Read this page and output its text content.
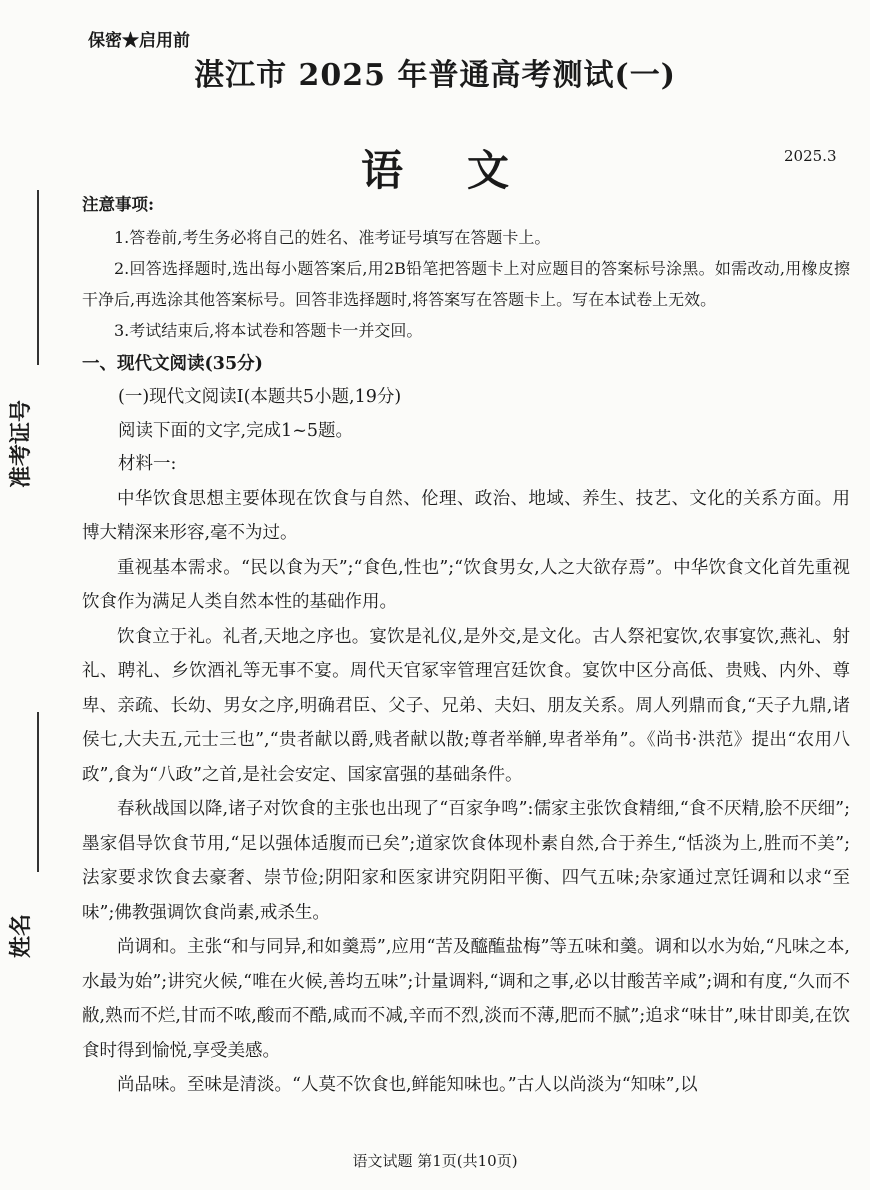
保密★启用前
湛江市 2025 年普通高考测试(一)
语文	2025.3
准考证号
姓名
注意事项:

1.答卷前,考生务必将自己的姓名、准考证号填写在答题卡上。

2.回答选择题时,选出每小题答案后,用2B铅笔把答题卡上对应题目的答案标号涂黑。如需改动,用橡皮擦干净后,再选涂其他答案标号。回答非选择题时,将答案写在答题卡上。写在本试卷上无效。

3.考试结束后,将本试卷和答题卡一并交回。

一、现代文阅读(35分)
(一)现代文阅读Ⅰ(本题共5小题,19分)
阅读下面的文字,完成1~5题。
材料一:

中华饮食思想主要体现在饮食与自然、伦理、政治、地域、养生、技艺、文化的关系方面。用博大精深来形容,毫不为过。

重视基本需求。“民以食为天”;“食色,性也”;“饮食男女,人之大欲存焉”。中华饮食文化首先重视饮食作为满足人类自然本性的基础作用。

饮食立于礼。礼者,天地之序也。宴饮是礼仪,是外交,是文化。古人祭祀宴饮,农事宴饮,燕礼、射礼、聘礼、乡饮酒礼等无事不宴。周代天官冢宰管理宫廷饮食。宴饮中区分高低、贵贱、内外、尊卑、亲疏、长幼、男女之序,明确君臣、父子、兄弟、夫妇、朋友关系。周人列鼎而食,“天子九鼎,诸侯七,大夫五,元士三也”,“贵者献以爵,贱者献以散;尊者举觯,卑者举角”。《尚书·洪范》提出“农用八政”,食为“八政”之首,是社会安定、国家富强的基础条件。

春秋战国以降,诸子对饮食的主张也出现了“百家争鸣”:儒家主张饮食精细,“食不厌精,脍不厌细”;墨家倡导饮食节用,“足以强体适腹而已矣”;道家饮食体现朴素自然,合于养生,“恬淡为上,胜而不美”;法家要求饮食去豪奢、崇节俭;阴阳家和医家讲究阴阳平衡、四气五味;杂家通过烹饪调和以求“至味”;佛教强调饮食尚素,戒杀生。

尚调和。主张“和与同异,和如羹焉”,应用“苦及醯醢盐梅”等五味和羹。调和以水为始,“凡味之本,水最为始”;讲究火候,“唯在火候,善均五味”;计量调料,“调和之事,必以甘酸苦辛咸”;调和有度,“久而不敝,熟而不烂,甘而不哝,酸而不酷,咸而不减,辛而不烈,淡而不薄,肥而不腻”;追求“味甘”,味甘即美,在饮食时得到愉悦,享受美感。

尚品味。至味是清淡。“人莫不饮食也,鲜能知味也。”古人以尚淡为“知味”,以

语文试题 第1页(共10页)
